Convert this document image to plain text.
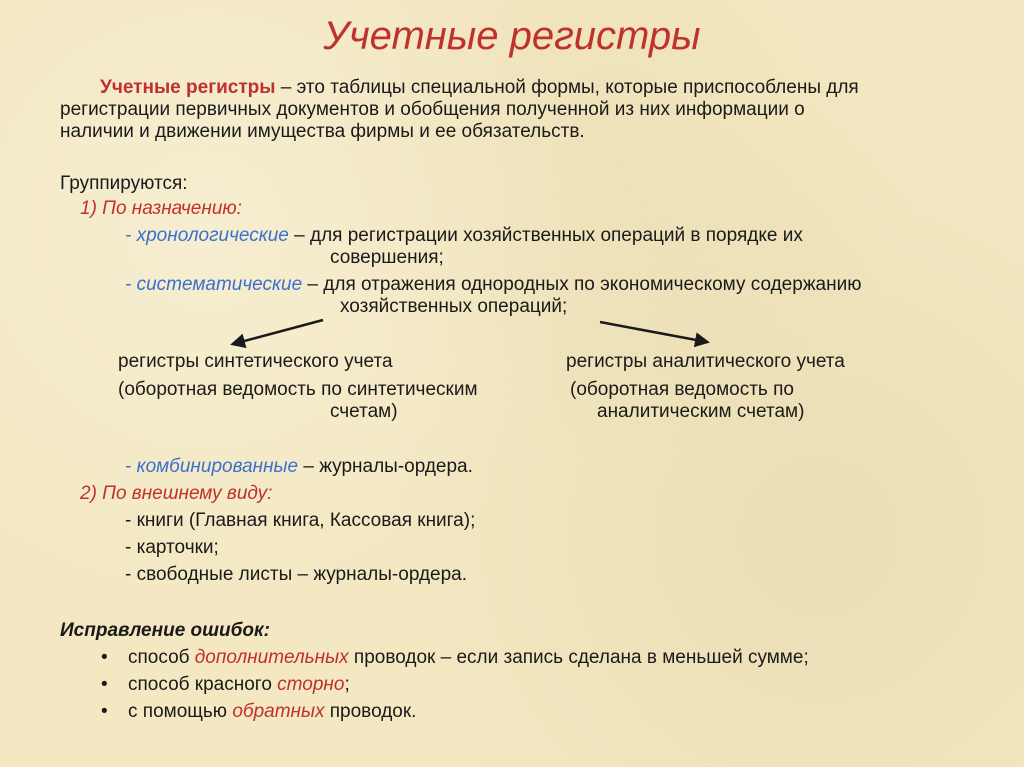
Учетные регистры
Учетные регистры – это таблицы специальной формы, которые приспособлены для
регистрации первичных документов и обобщения полученной из них информации о
наличии и движении имущества фирмы и ее обязательств.
Группируются:
1) По назначению:
- хронологические – для регистрации хозяйственных операций в порядке их
совершения;
- систематические – для отражения однородных по экономическому содержанию
хозяйственных операций;
регистры синтетического учета
(оборотная ведомость по синтетическим
счетам)
регистры аналитического учета
(оборотная ведомость по
аналитическим счетам)
- комбинированные – журналы-ордера.
2) По внешнему виду:
- книги (Главная книга, Кассовая книга);
- карточки;
- свободные листы – журналы-ордера.
Исправление ошибок:
• способ дополнительных проводок – если запись сделана в меньшей сумме;
• способ красного сторно;
• с помощью обратных проводок.
